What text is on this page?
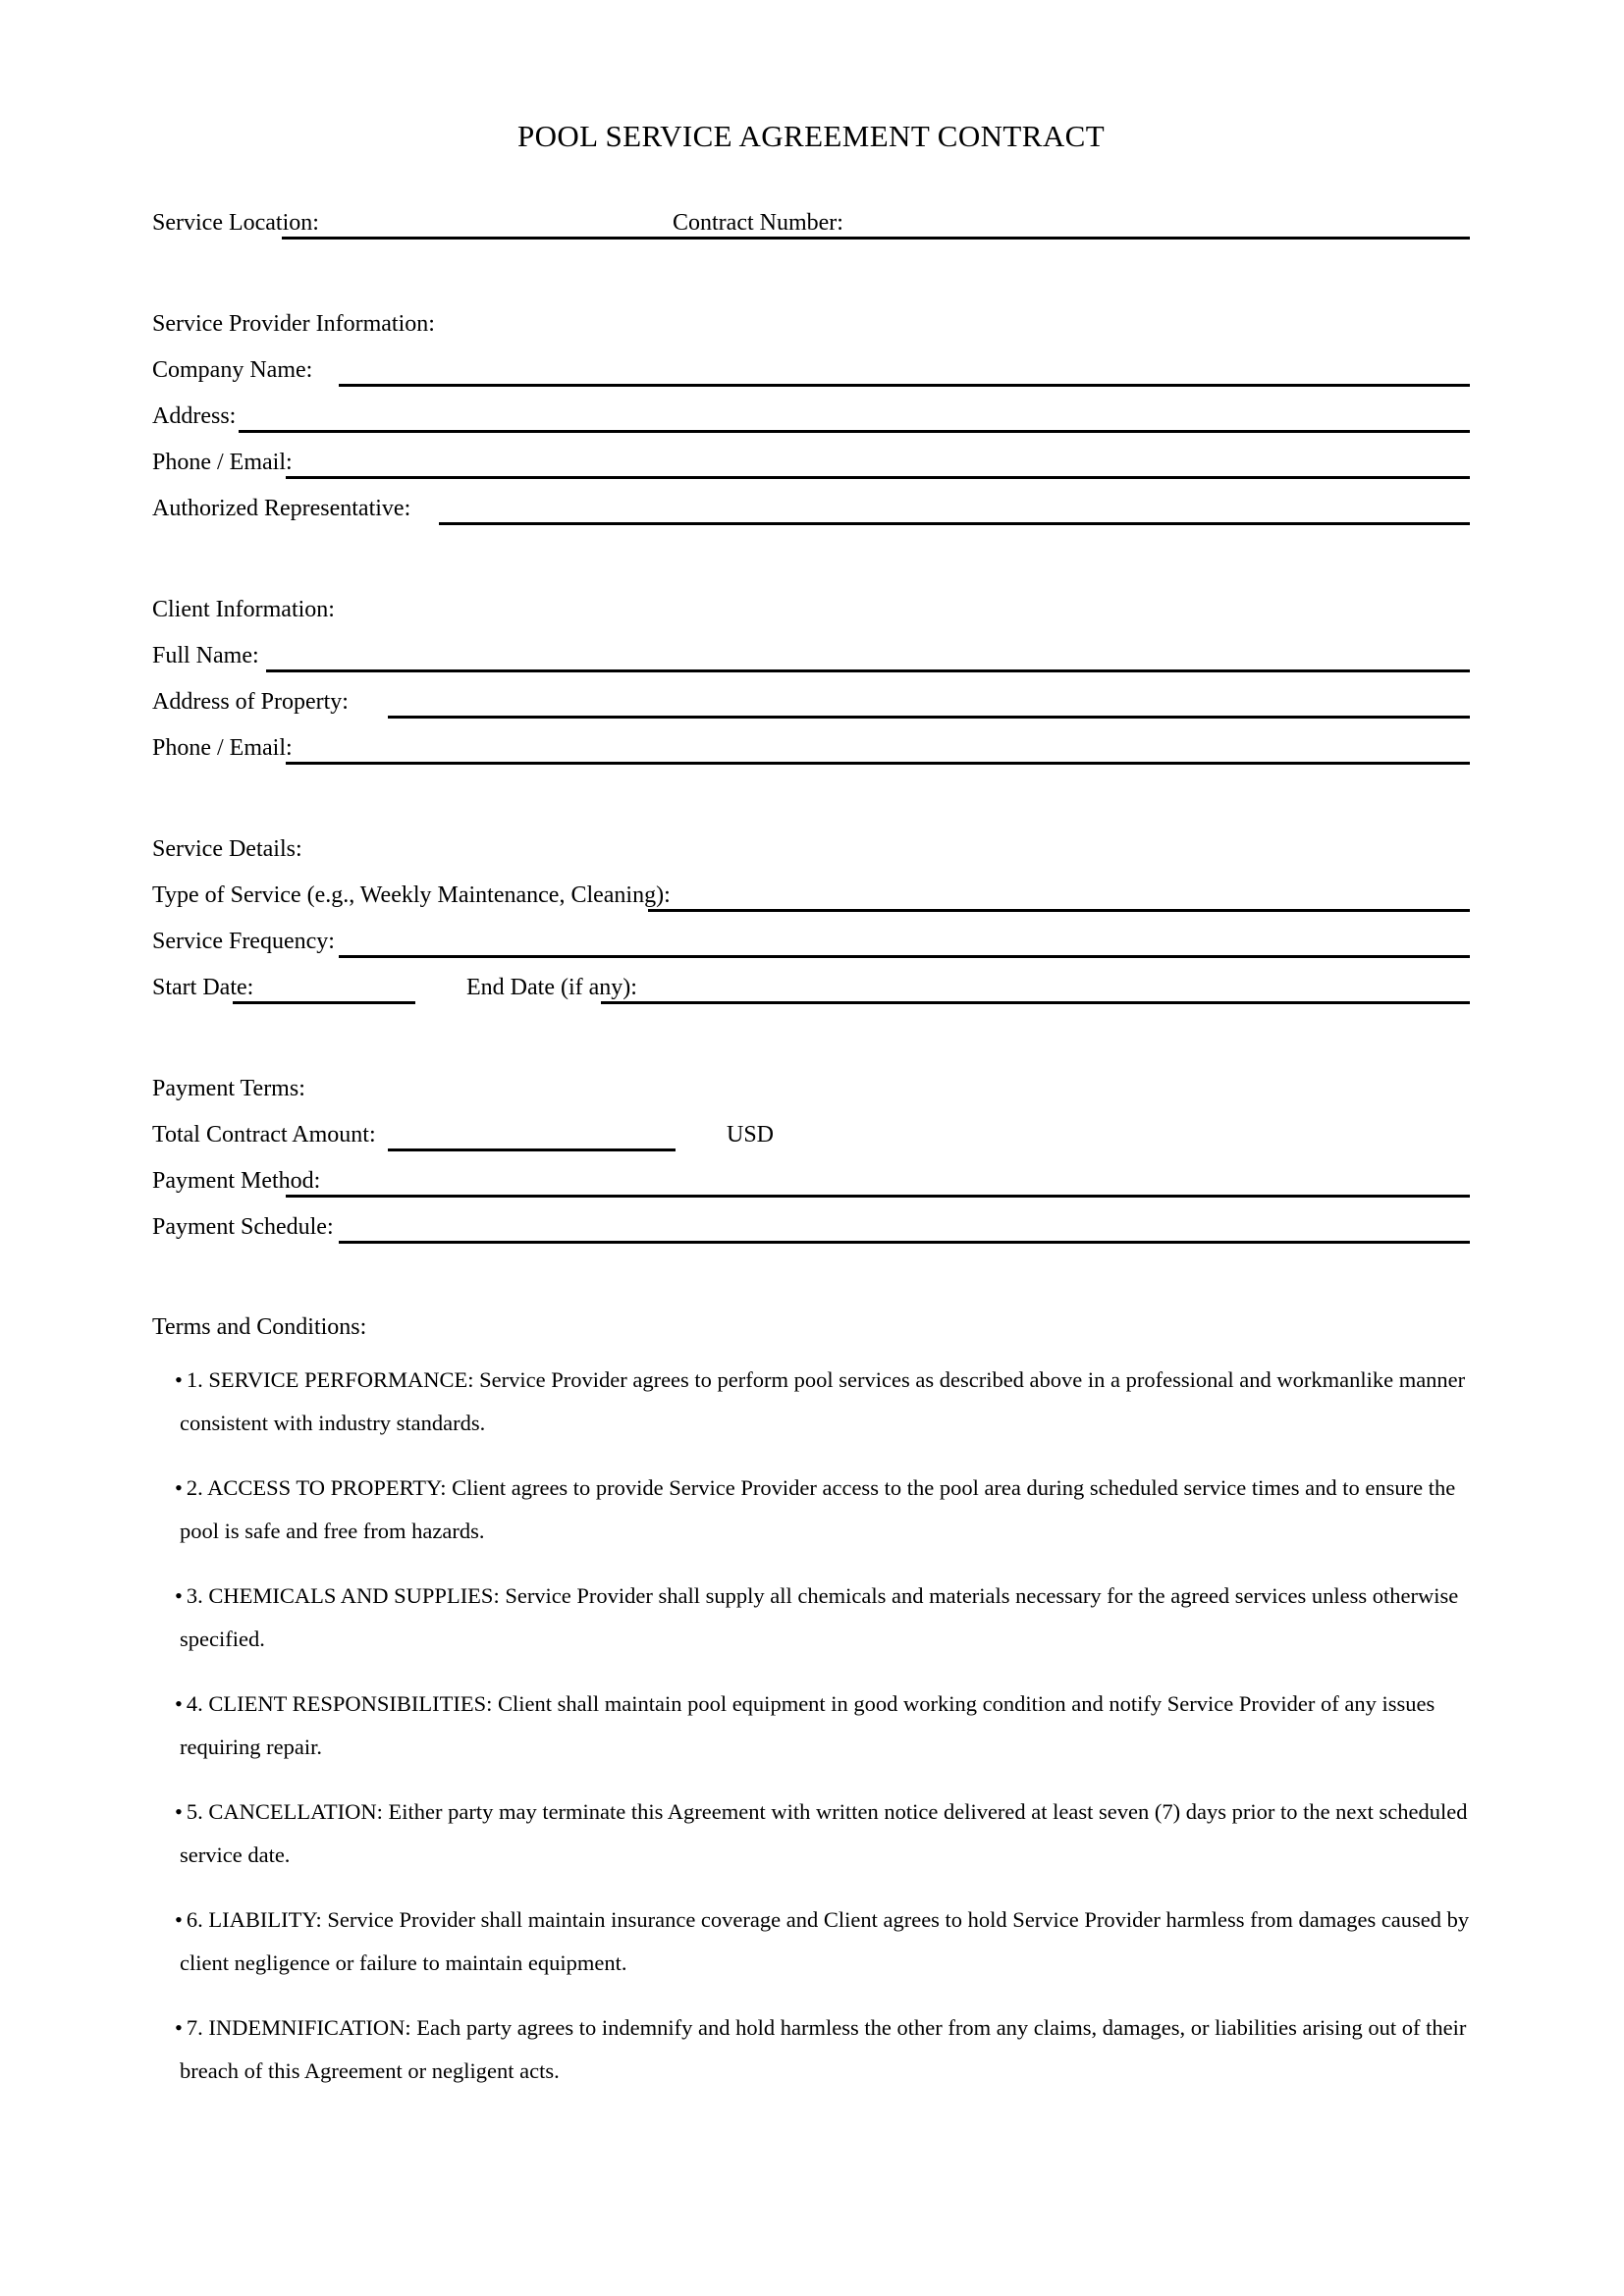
POOL SERVICE AGREEMENT CONTRACT
Service Location:	Contract Number:
Service Provider Information:
Company Name:
Address:
Phone / Email:
Authorized Representative:
Client Information:
Full Name:
Address of Property:
Phone / Email:
Service Details:
Type of Service (e.g., Weekly Maintenance, Cleaning):
Service Frequency:
Start Date:	End Date (if any):
Payment Terms:
Total Contract Amount:	USD
Payment Method:
Payment Schedule:
Terms and Conditions:

• 1. SERVICE PERFORMANCE: Service Provider agrees to perform pool services as described above in a professional and workmanlike manner consistent with industry standards.

• 2. ACCESS TO PROPERTY: Client agrees to provide Service Provider access to the pool area during scheduled service times and to ensure the pool is safe and free from hazards.

• 3. CHEMICALS AND SUPPLIES: Service Provider shall supply all chemicals and materials necessary for the agreed services unless otherwise specified.

• 4. CLIENT RESPONSIBILITIES: Client shall maintain pool equipment in good working condition and notify Service Provider of any issues requiring repair.

• 5. CANCELLATION: Either party may terminate this Agreement with written notice delivered at least seven (7) days prior to the next scheduled service date.

• 6. LIABILITY: Service Provider shall maintain insurance coverage and Client agrees to hold Service Provider harmless from damages caused by client negligence or failure to maintain equipment.

• 7. INDEMNIFICATION: Each party agrees to indemnify and hold harmless the other from any claims, damages, or liabilities arising out of their breach of this Agreement or negligent acts.
